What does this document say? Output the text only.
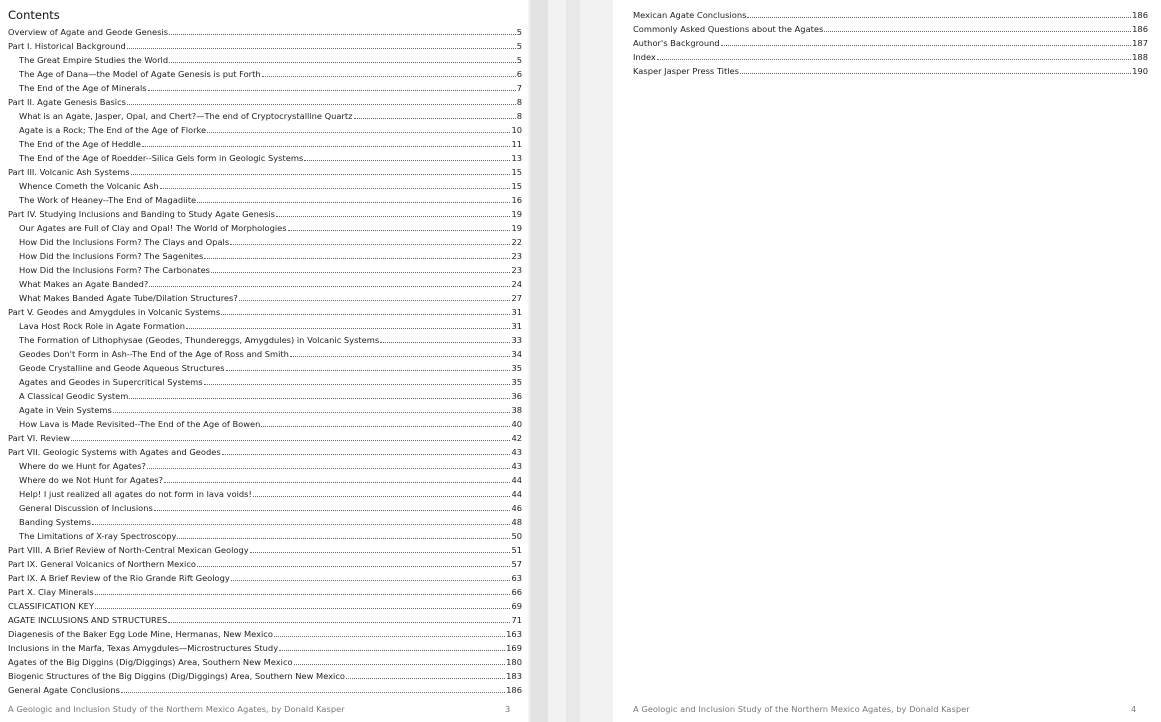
Contents
Overview of Agate and Geode Genesis	5
Part I. Historical Background	5
The Great Empire Studies the World	5
The Age of Dana—the Model of Agate Genesis is put Forth	6
The End of the Age of Minerals	7
Part II. Agate Genesis Basics	8
What is an Agate, Jasper, Opal, and Chert?—The end of Cryptocrystalline Quartz	8
Agate is a Rock; The End of the Age of Florke	10
The End of the Age of Heddle	11
The End of the Age of Roedder--Silica Gels form in Geologic Systems	13
Part III. Volcanic Ash Systems	15
Whence Cometh the Volcanic Ash	15
The Work of Heaney--The End of Magadiite	16
Part IV. Studying Inclusions and Banding to Study Agate Genesis	19
Our Agates are Full of Clay and Opal! The World of Morphologies	19
How Did the Inclusions Form? The Clays and Opals	22
How Did the Inclusions Form? The Sagenites	23
How Did the Inclusions Form? The Carbonates	23
What Makes an Agate Banded?	24
What Makes Banded Agate Tube/Dilation Structures?	27
Part V. Geodes and Amygdules in Volcanic Systems	31
Lava Host Rock Role in Agate Formation	31
The Formation of Lithophysae (Geodes, Thundereggs, Amygdules) in Volcanic Systems	33
Geodes Don't Form in Ash--The End of the Age of Ross and Smith	34
Geode Crystalline and Geode Aqueous Structures	35
Agates and Geodes in Supercritical Systems	35
A Classical Geodic System	36
Agate in Vein Systems	38
How Lava is Made Revisited--The End of the Age of Bowen	40
Part VI. Review	42
Part VII. Geologic Systems with Agates and Geodes	43
Where do we Hunt for Agates?	43
Where do we Not Hunt for Agates?	44
Help! I just realized all agates do not form in lava voids!	44
General Discussion of Inclusions	46
Banding Systems	48
The Limitations of X-ray Spectroscopy	50
Part VIII. A Brief Review of North-Central Mexican Geology	51
Part IX. General Volcanics of Northern Mexico	57
Part IX. A Brief Review of the Rio Grande Rift Geology	63
Part X. Clay Minerals	66
CLASSIFICATION KEY	69
AGATE INCLUSIONS AND STRUCTURES	71
Diagenesis of the Baker Egg Lode Mine, Hermanas, New Mexico	163
Inclusions in the Marfa, Texas Amygdules—Microstructures Study	169
Agates of the Big Diggins (Dig/Diggings) Area, Southern New Mexico	180
Biogenic Structures of the Big Diggins (Dig/Diggings) Area, Southern New Mexico	183
General Agate Conclusions	186
A Geologic and Inclusion Study of the Northern Mexico Agates, by Donald Kasper	3
Mexican Agate Conclusions	186
Commonly Asked Questions about the Agates	186
Author's Background	187
Index	188
Kasper Jasper Press Titles	190
A Geologic and Inclusion Study of the Northern Mexico Agates, by Donald Kasper	4
